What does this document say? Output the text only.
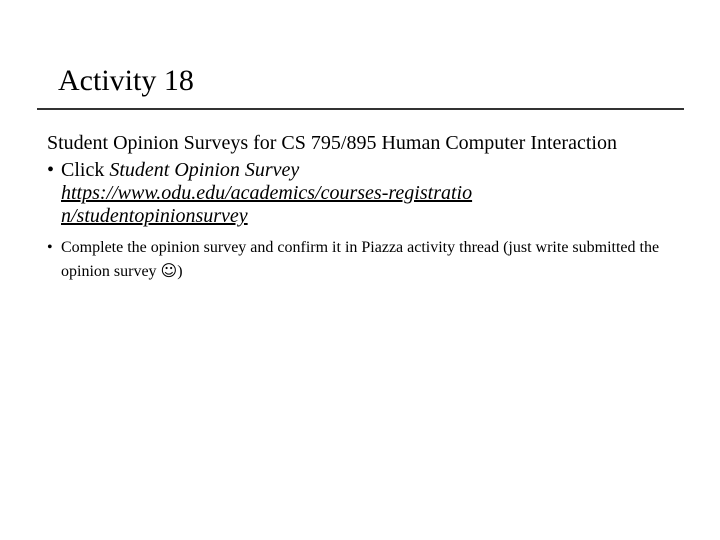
Activity 18
Student Opinion Surveys for CS 795/895 Human Computer Interaction
• Click Student Opinion Survey
https://www.odu.edu/academics/courses-registration/studentopinionsurvey
• Complete the opinion survey and confirm it in Piazza activity thread (just write submitted the opinion survey ☺)
